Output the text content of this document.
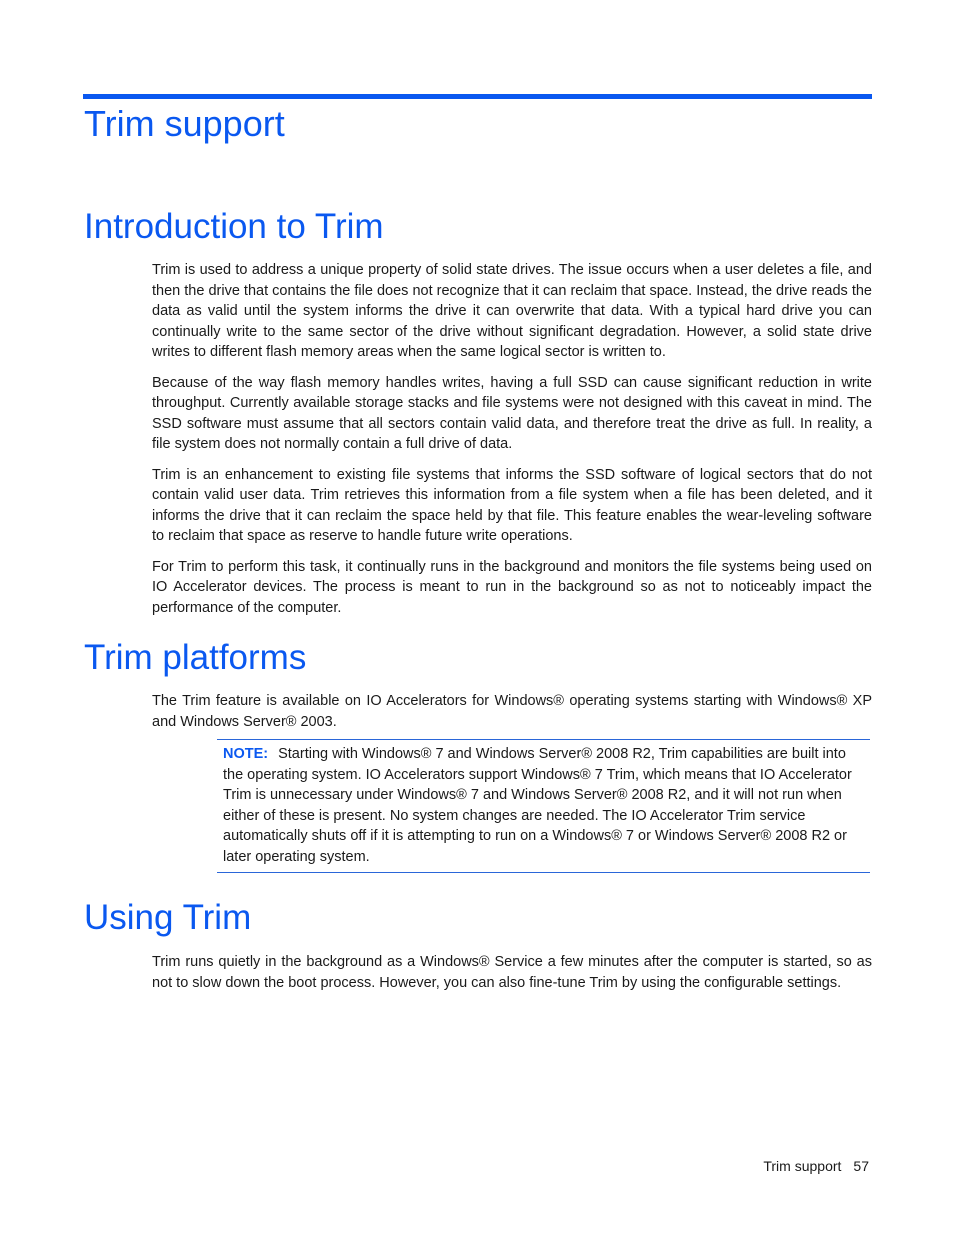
Trim support
Introduction to Trim

Trim is used to address a unique property of solid state drives. The issue occurs when a user deletes a file, and then the drive that contains the file does not recognize that it can reclaim that space. Instead, the drive reads the data as valid until the system informs the drive it can overwrite that data. With a typical hard drive you can continually write to the same sector of the drive without significant degradation. However, a solid state drive writes to different flash memory areas when the same logical sector is written to.

Because of the way flash memory handles writes, having a full SSD can cause significant reduction in write throughput. Currently available storage stacks and file systems were not designed with this caveat in mind. The SSD software must assume that all sectors contain valid data, and therefore treat the drive as full. In reality, a file system does not normally contain a full drive of data.

Trim is an enhancement to existing file systems that informs the SSD software of logical sectors that do not contain valid user data. Trim retrieves this information from a file system when a file has been deleted, and it informs the drive that it can reclaim the space held by that file. This feature enables the wear-leveling software to reclaim that space as reserve to handle future write operations.

For Trim to perform this task, it continually runs in the background and monitors the file systems being used on IO Accelerator devices. The process is meant to run in the background so as not to noticeably impact the performance of the computer.

Trim platforms

The Trim feature is available on IO Accelerators for Windows® operating systems starting with Windows® XP and Windows Server® 2003.

NOTE: Starting with Windows® 7 and Windows Server® 2008 R2, Trim capabilities are built into the operating system. IO Accelerators support Windows® 7 Trim, which means that IO Accelerator Trim is unnecessary under Windows® 7 and Windows Server® 2008 R2, and it will not run when either of these is present. No system changes are needed. The IO Accelerator Trim service automatically shuts off if it is attempting to run on a Windows® 7 or Windows Server® 2008 R2 or later operating system.

Using Trim

Trim runs quietly in the background as a Windows® Service a few minutes after the computer is started, so as not to slow down the boot process. However, you can also fine-tune Trim by using the configurable settings.

Trim support 57
